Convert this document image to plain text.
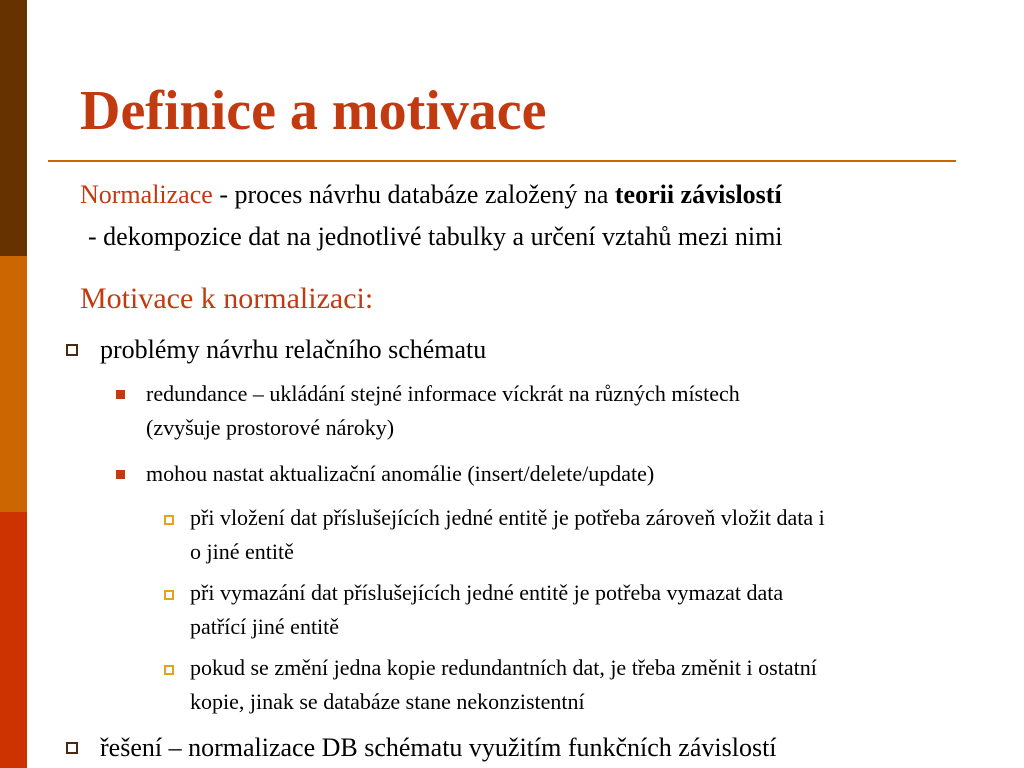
Definice a motivace
Normalizace - proces návrhu databáze založený na teorii závislostí
- dekompozice dat na jednotlivé tabulky a určení vztahů mezi nimi
Motivace k normalizaci:
problémy návrhu relačního schématu
redundance – ukládání stejné informace víckrát na různých místech
(zvyšuje prostorové nároky)
mohou nastat aktualizační anomálie (insert/delete/update)
při vložení dat příslušejících jedné entitě je potřeba zároveň vložit data i
o jiné entitě
při vymazání dat příslušejících jedné entitě je potřeba vymazat data
patřící jiné entitě
pokud se změní jedna kopie redundantních dat, je třeba změnit i ostatní
kopie, jinak se databáze stane nekonzistentní
řešení – normalizace DB schématu využitím funkčních závislostí
